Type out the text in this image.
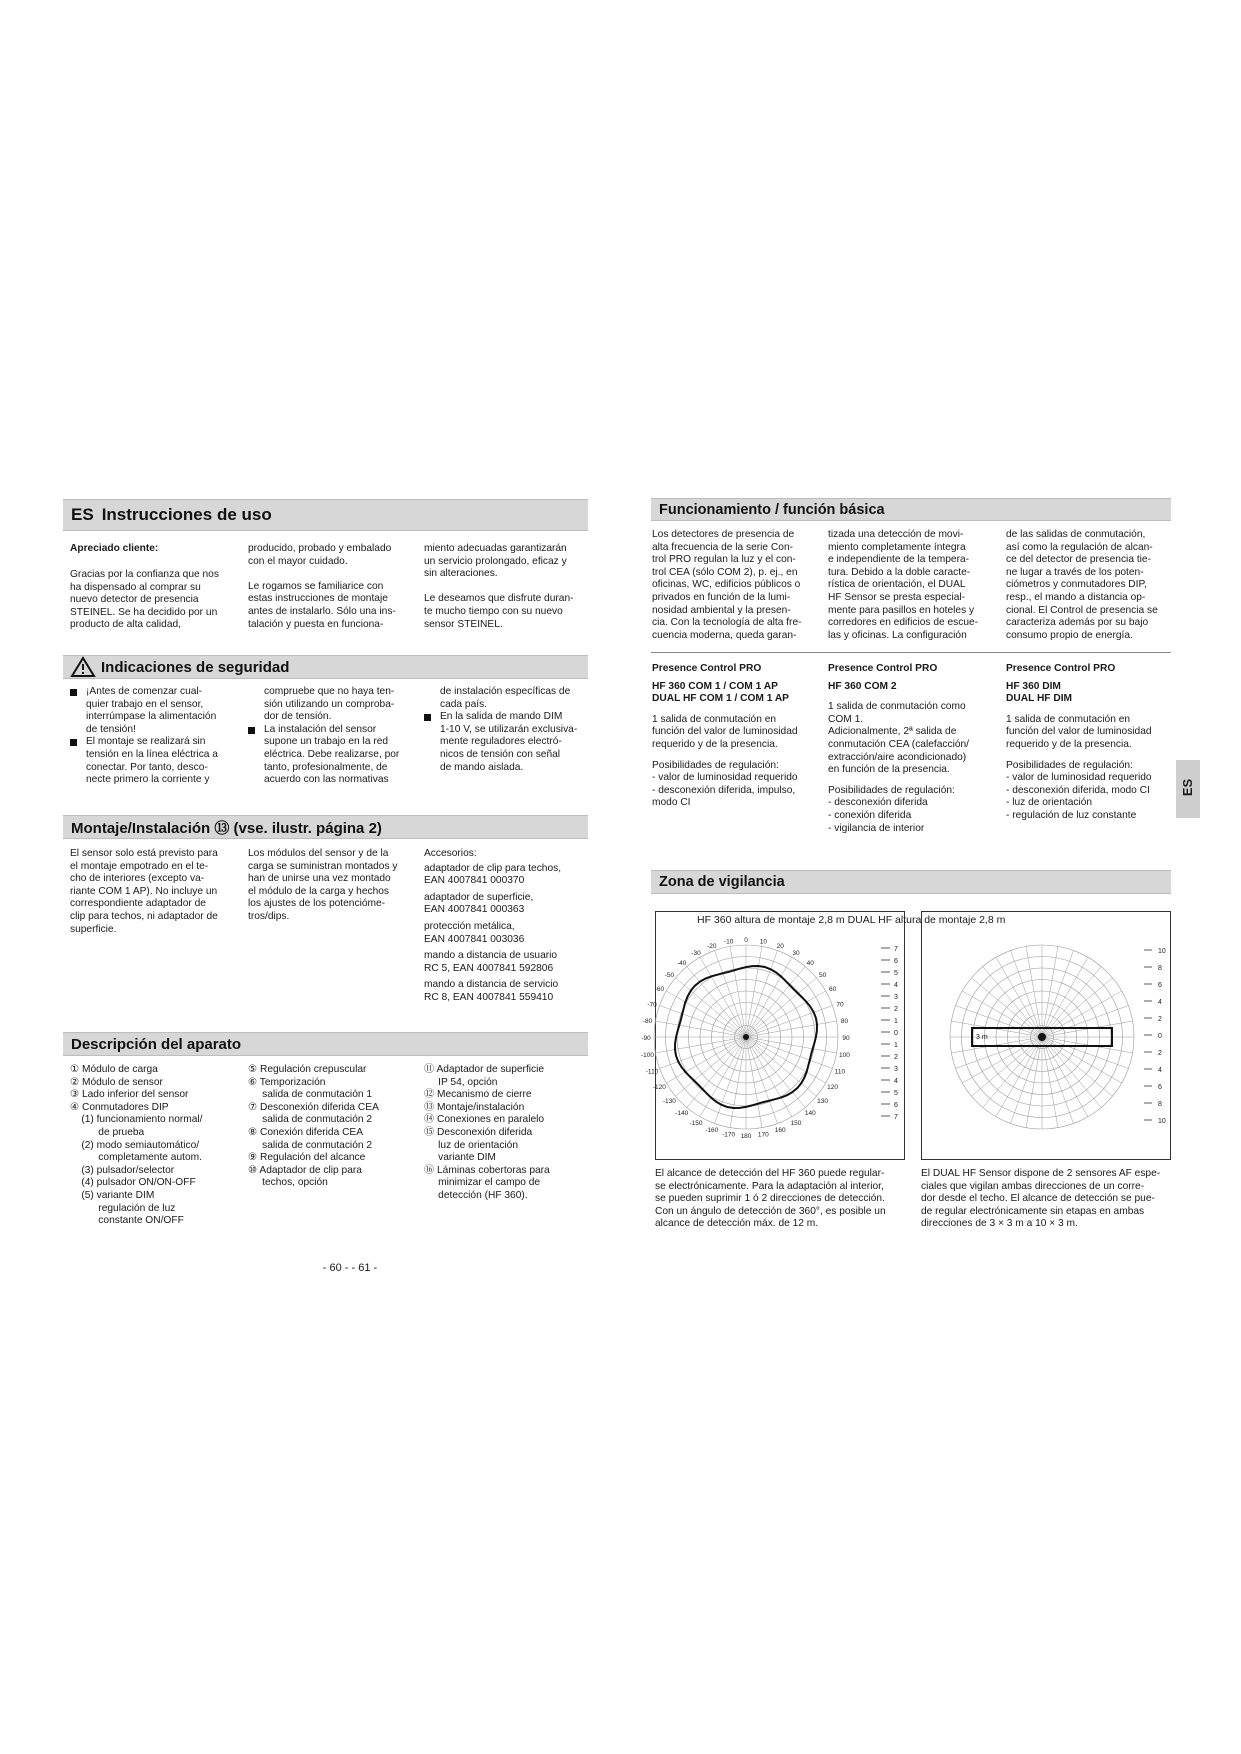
ES Instrucciones de uso
Apreciado cliente:
Gracias por la confianza que nos
ha dispensado al comprar su
nuevo detector de presencia
STEINEL. Se ha decidido por un
producto de alta calidad,
producido, probado y embalado
con el mayor cuidado.

Le rogamos se familiarice con
estas instrucciones de montaje
antes de instalarlo. Sólo una ins-
talación y puesta en funciona-
miento adecuadas garantizarán
un servicio prolongado, eficaz y
sin alteraciones.

Le deseamos que disfrute duran-
te mucho tiempo con su nuevo
sensor STEINEL.
Indicaciones de seguridad
¡Antes de comenzar cual-
quier trabajo en el sensor,
interrúmpase la alimentación
de tensión!
El montaje se realizará sin
tensión en la línea eléctrica a
conectar. Por tanto, desco-
necte primero la corriente y
compruebe que no haya ten-
sión utilizando un comproba-
dor de tensión.
La instalación del sensor
supone un trabajo en la red
eléctrica. Debe realizarse, por
tanto, profesionalmente, de
acuerdo con las normativas
de instalación específicas de
cada país.
En la salida de mando DIM
1-10 V, se utilizarán exclusiva-
mente reguladores electró-
nicos de tensión con señal
de mando aislada.
Montaje/Instalación ⑬ (vse. ilustr. página 2)
El sensor solo está previsto para
el montaje empotrado en el te-
cho de interiores (excepto va-
riante COM 1 AP). No incluye un
correspondiente adaptador de
clip para techos, ni adaptador de
superficie.
Los módulos del sensor y de la
carga se suministran montados y
han de unirse una vez montado
el módulo de la carga y hechos
los ajustes de los potencióme-
tros/dips.

Accesorios:

adaptador de clip para techos,
EAN 4007841 000370

adaptador de superficie,
EAN 4007841 000363

protección metálica,
EAN 4007841 003036

mando a distancia de usuario
RC 5, EAN 4007841 592806

mando a distancia de servicio
RC 8, EAN 4007841 559410

Descripción del aparato
① Módulo de carga
② Módulo de sensor
③ Lado inferior del sensor
④ Conmutadores DIP
(1) funcionamiento normal/
de prueba
(2) modo semiautomático/
completamente autom.
(3) pulsador/selector
(4) pulsador ON/ON-OFF
(5) variante DIM
regulación de luz
constante ON/OFF
⑤ Regulación crepuscular
⑥ Temporización
salida de conmutación 1
⑦ Desconexión diferida CEA
salida de conmutación 2
⑧ Conexión diferida CEA
salida de conmutación 2
⑨ Regulación del alcance
⑩ Adaptador de clip para
techos, opción
⑪ Adaptador de superficie
IP 54, opción
⑫ Mecanismo de cierre
⑬ Montaje/instalación
⑭ Conexiones en paralelo
⑮ Desconexión diferida
luz de orientación
variante DIM
⑯ Láminas cobertoras para
minimizar el campo de
detección (HF 360).
- 60 - - 61 -
Funcionamiento / función básica
Los detectores de presencia de
alta frecuencia de la serie Con-
trol PRO regulan la luz y el con-
trol CEA (sólo COM 2), p. ej., en
oficinas, WC, edificios públicos o
privados en función de la lumi-
nosidad ambiental y la presen-
cia. Con la tecnología de alta fre-
cuencia moderna, queda garan-
tizada una detección de movi-
miento completamente íntegra
e independiente de la tempera-
tura. Debido a la doble caracte-
rística de orientación, el DUAL
HF Sensor se presta especial-
mente para pasillos en hoteles y
corredores en edificios de escue-
las y oficinas. La configuración
de las salidas de conmutación,
así como la regulación de alcan-
ce del detector de presencia tie-
ne lugar a través de los poten-
ciómetros y conmutadores DIP,
resp., el mando a distancia op-
cional. El Control de presencia se
caracteriza además por su bajo
consumo propio de energía.
Presence Control PRO
HF 360 COM 1 / COM 1 AP
DUAL HF COM 1 / COM 1 AP

1 salida de conmutación en
función del valor de luminosidad
requerido y de la presencia.

Posibilidades de regulación:
- valor de luminosidad requerido
- desconexión diferida, impulso,
modo CI

Presence Control PRO
HF 360 COM 2

1 salida de conmutación como
COM 1.
Adicionalmente, 2ª salida de
conmutación CEA (calefacción/
extracción/aire acondicionado)
en función de la presencia.

Posibilidades de regulación:
- desconexión diferida
- conexión diferida
- vigilancia de interior

Presence Control PRO
HF 360 DIM
DUAL HF DIM

1 salida de conmutación en
función del valor de luminosidad
requerido y de la presencia.

Posibilidades de regulación:
- valor de luminosidad requerido
- desconexión diferida, modo CI
- luz de orientación
- regulación de luz constante

ES
Zona de vigilancia
7
6
5
4
3
2
1
0
1
2
3
4
5
6
7
-30
-20
-10 0 10
20
30
-40
-50
-60
-70
-80
-90
-100
-110
-120
-130
-140
-150
-160
-170 180
40
50
60
70
80
90
100
110
120
130
140
150
160
170
3 m
10
8
6
4
2
0
2
4
6
8
10
HF 360 altura de montaje 2,8 m DUAL HF altura de montaje 2,8 m
El alcance de detección del HF 360 puede regular-
se electrónicamente. Para la adaptación al interior,
se pueden suprimir 1 ó 2 direcciones de detección.
Con un ángulo de detección de 360°, es posible un
alcance de detección máx. de 12 m.
El DUAL HF Sensor dispone de 2 sensores AF espe-
ciales que vigilan ambas direcciones de un corre-
dor desde el techo. El alcance de detección se pue-
de regular electrónicamente sin etapas en ambas
direcciones de 3 × 3 m a 10 × 3 m.
